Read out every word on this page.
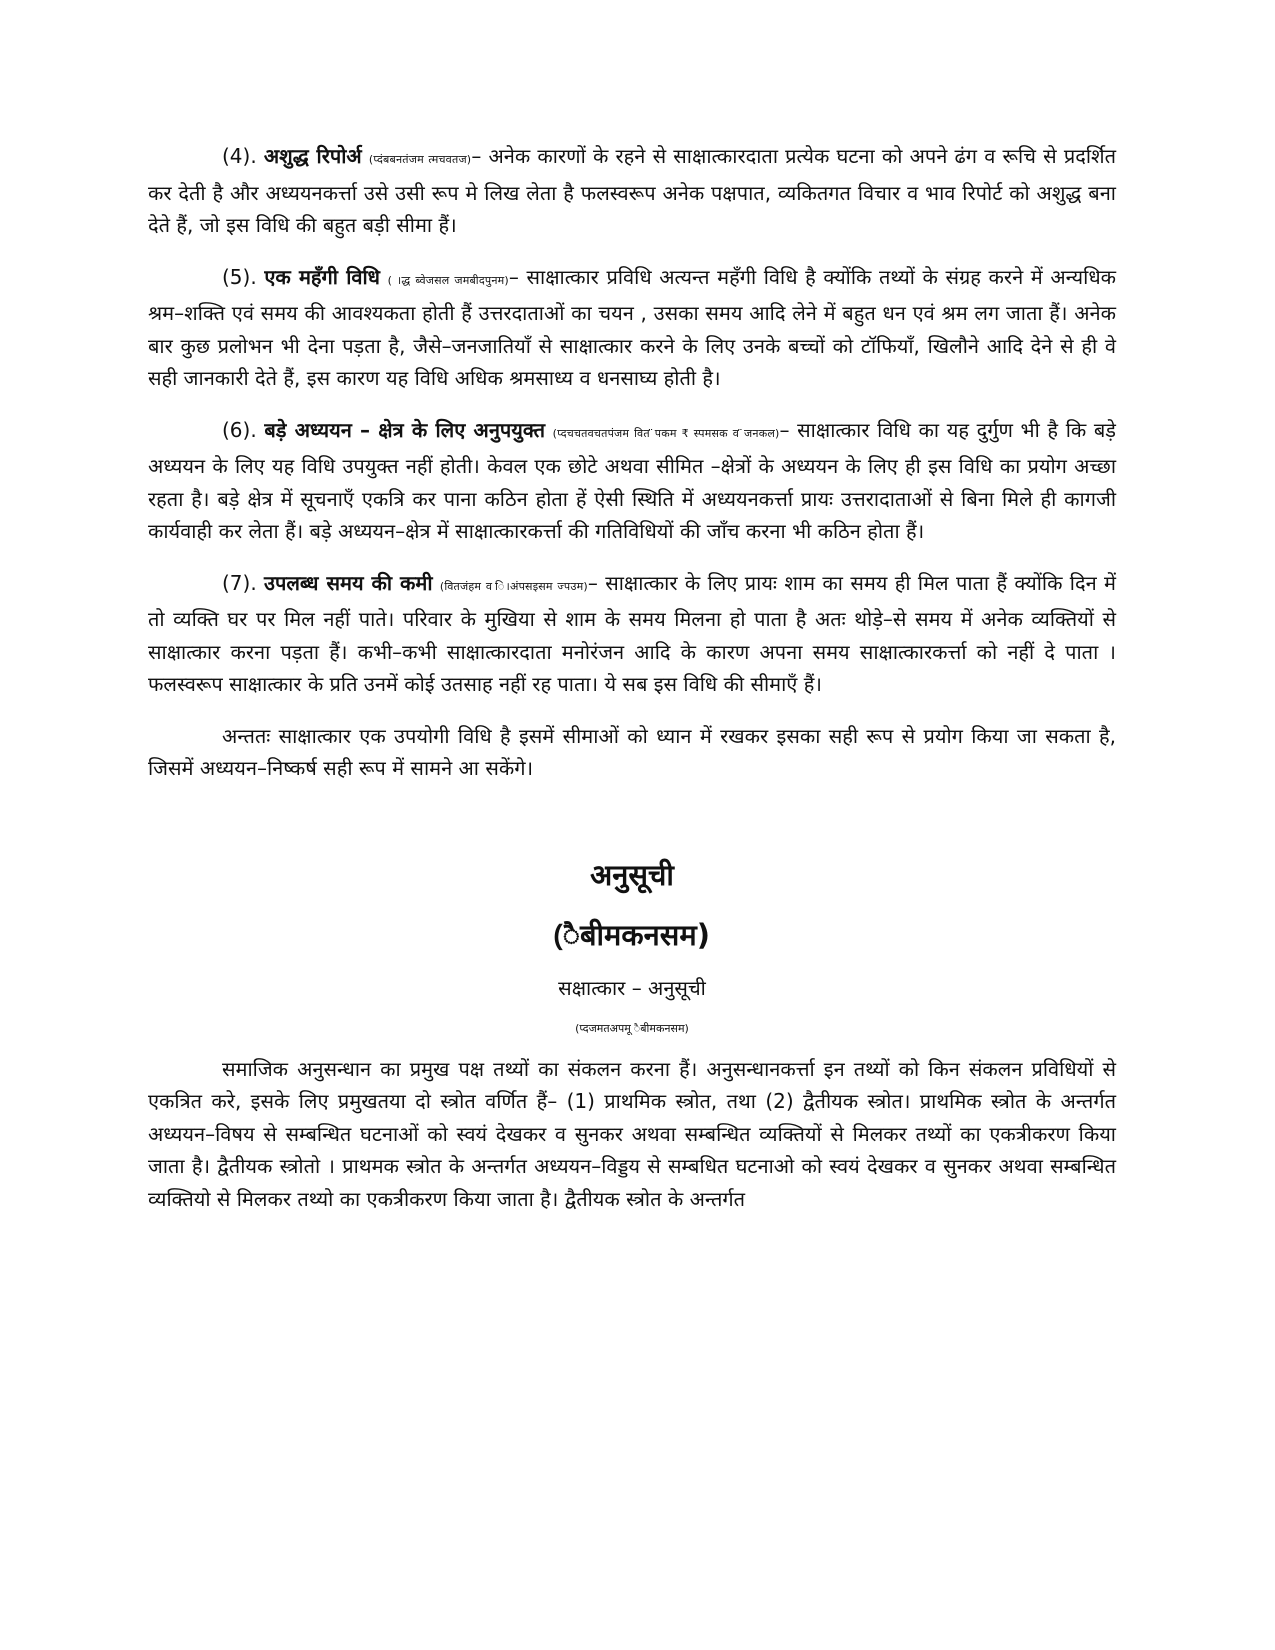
(4). अशुद्ध रिपोर्अ (प्दंबबनतंजम त्मचवतज)– अनेक कारणों के रहने से साक्षात्कारदाता प्रत्येक घटना को अपने ढंग व रूचि से प्रदर्शित कर देती है और अध्ययनकर्त्ता उसे उसी रूप मे लिख लेता है फलस्वरूप अनेक पक्षपात, व्यकितगत विचार व भाव रिपोर्ट को अशुद्ध बना देते हैं, जो इस विधि की बहुत बड़ी सीमा हैं।

(5). एक महँगी विधि ( ।द्ध ब्वेजसल जमबीदपुनम)– साक्षात्कार प्रविधि अत्यन्त महँगी विधि है क्योंकि तथ्यों के संग्रह करने में अन्यधिक श्रम–शक्ति एवं समय की आवश्यकता होती हैं उत्तरदाताओं का चयन , उसका समय आदि लेने में बहुत धन एवं श्रम लग जाता हैं। अनेक बार कुछ प्रलोभन भी देना पड़ता है, जैसे–जनजातियाँ से साक्षात्कार करने के लिए उनके बच्चों को टॉफियाँ, खिलौने आदि देने से ही वे सही जानकारी देते हैं, इस कारण यह विधि अधिक श्रमसाध्य व धनसाघ्य होती है।

(6). बड़े अध्ययन – क्षेत्र के लिए अनुपयुक्त (प्दचचतवचतपंजम वित ̈पकम ₹ स्पमसक व ̈जनकल)– साक्षात्कार विधि का यह दुर्गुण भी है कि बड़े अध्ययन के लिए यह विधि उपयुक्त नहीं होती। केवल एक छोटे अथवा सीमित –क्षेत्रों के अध्ययन के लिए ही इस विधि का प्रयोग अच्छा रहता है। बड़े क्षेत्र में सूचनाएँ एकत्रि कर पाना कठिन होता हें ऐसी स्थिति में अध्ययनकर्त्ता प्रायः उत्तरादाताओं से बिना मिले ही कागजी कार्यवाही कर लेता हैं। बड़े अध्ययन–क्षेत्र में साक्षात्कारकर्त्ता की गतिविधियों की जाँच करना भी कठिन होता हैं।

(7). उपलब्ध समय की कमी (वितजंहम व ि।अंपसइसम ज्पउम)– साक्षात्कार के लिए प्रायः शाम का समय ही मिल पाता हैं क्योंकि दिन में तो व्यक्ति घर पर मिल नहीं पाते। परिवार के मुखिया से शाम के समय मिलना हो पाता है अतः थोड़े–से समय में अनेक व्यक्तियों से साक्षात्कार करना पड़ता हैं। कभी–कभी साक्षात्कारदाता मनोरंजन आदि के कारण अपना समय साक्षात्कारकर्त्ता को नहीं दे पाता । फलस्वरूप साक्षात्कार के प्रति उनमें कोई उतसाह नहीं रह पाता। ये सब इस विधि की सीमाएँ हैं।

अन्ततः साक्षात्कार एक उपयोगी विधि है इसमें सीमाओं को ध्यान में रखकर इसका सही रूप से प्रयोग किया जा सकता है, जिसमें अध्ययन–निष्कर्ष सही रूप में सामने आ सकेंगे।

अनुसूची

(ैबीमकनसम)

सक्षात्कार – अनुसूची

(प्दजमतअपमू ैबीमकनसम)

समाजिक अनुसन्धान का प्रमुख पक्ष तथ्यों का संकलन करना हैं। अनुसन्धानकर्त्ता इन तथ्यों को किन संकलन प्रविधियों से एकत्रित करे, इसके लिए प्रमुखतया दो स्त्रोत वर्णित हैं– (1) प्राथमिक स्त्रोत, तथा (2) द्वैतीयक स्त्रोत। प्राथमिक स्त्रोत के अन्तर्गत अध्ययन–विषय से सम्बन्धित घटनाओं को स्वयं देखकर व सुनकर अथवा सम्बन्धित व्यक्तियों से मिलकर तथ्यों का एकत्रीकरण किया जाता है। द्वैतीयक स्त्रोतो । प्राथमक स्त्रोत के अन्तर्गत अध्ययन–विड्डय से सम्बधित घटनाओ को स्वयं देखकर व सुनकर अथवा सम्बन्धित व्यक्तियो से मिलकर तथ्यो का एकत्रीकरण किया जाता है। द्वैतीयक स्त्रोत के अन्तर्गत
